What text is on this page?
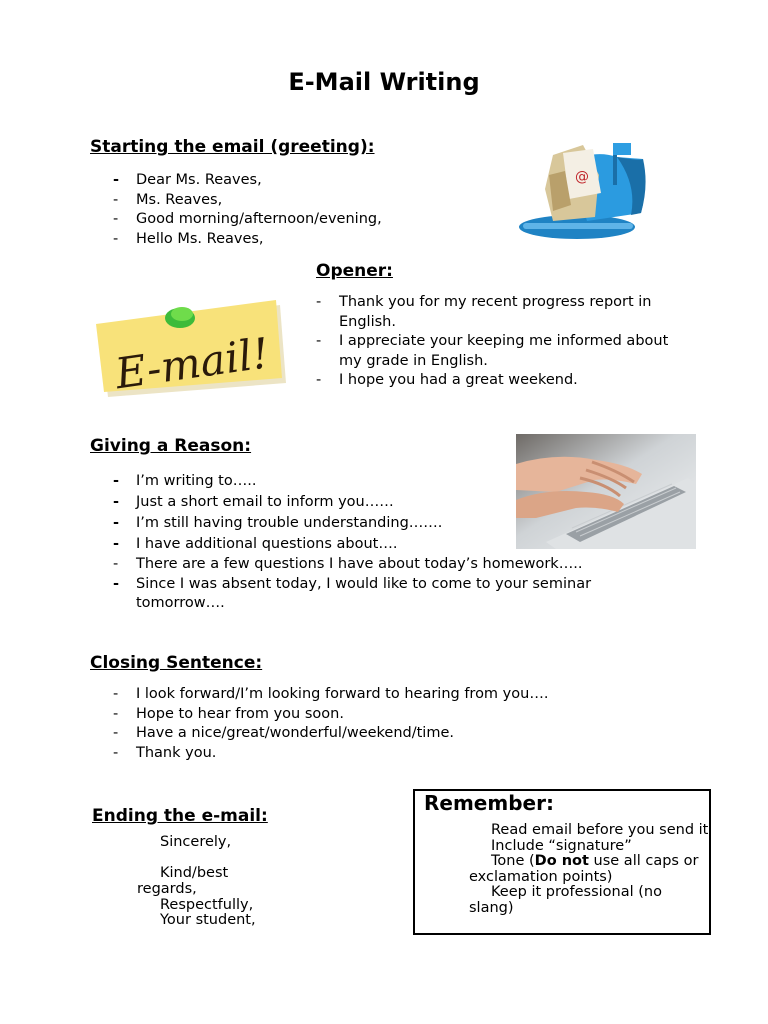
E-Mail Writing
Starting the email (greeting):
- Dear Ms. Reaves,
- Ms. Reaves,
- Good morning/afternoon/evening,
- Hello Ms. Reaves,
@
Opener:
- Thank you for my recent progress report in English.
- I appreciate your keeping me informed about my grade in English.
- I hope you had a great weekend.
E-mail!
Giving a Reason:
- I’m writing to…..
- Just a short email to inform you……
- I’m still having trouble understanding…….
- I have additional questions about….
- There are a few questions I have about today’s homework…..
- Since I was absent today, I would like to come to your seminar tomorrow….
Closing Sentence:
- I look forward/I’m looking forward to hearing from you….
- Hope to hear from you soon.
- Have a nice/great/wonderful/weekend/time.
- Thank you.
Ending the e-mail:
Sincerely,
Kind/best
regards,
Respectfully,
Your student,
Remember:

Read email before you send it

Include “signature”

Tone (Do not use all caps or exclamation points)

Keep it professional (no slang)
